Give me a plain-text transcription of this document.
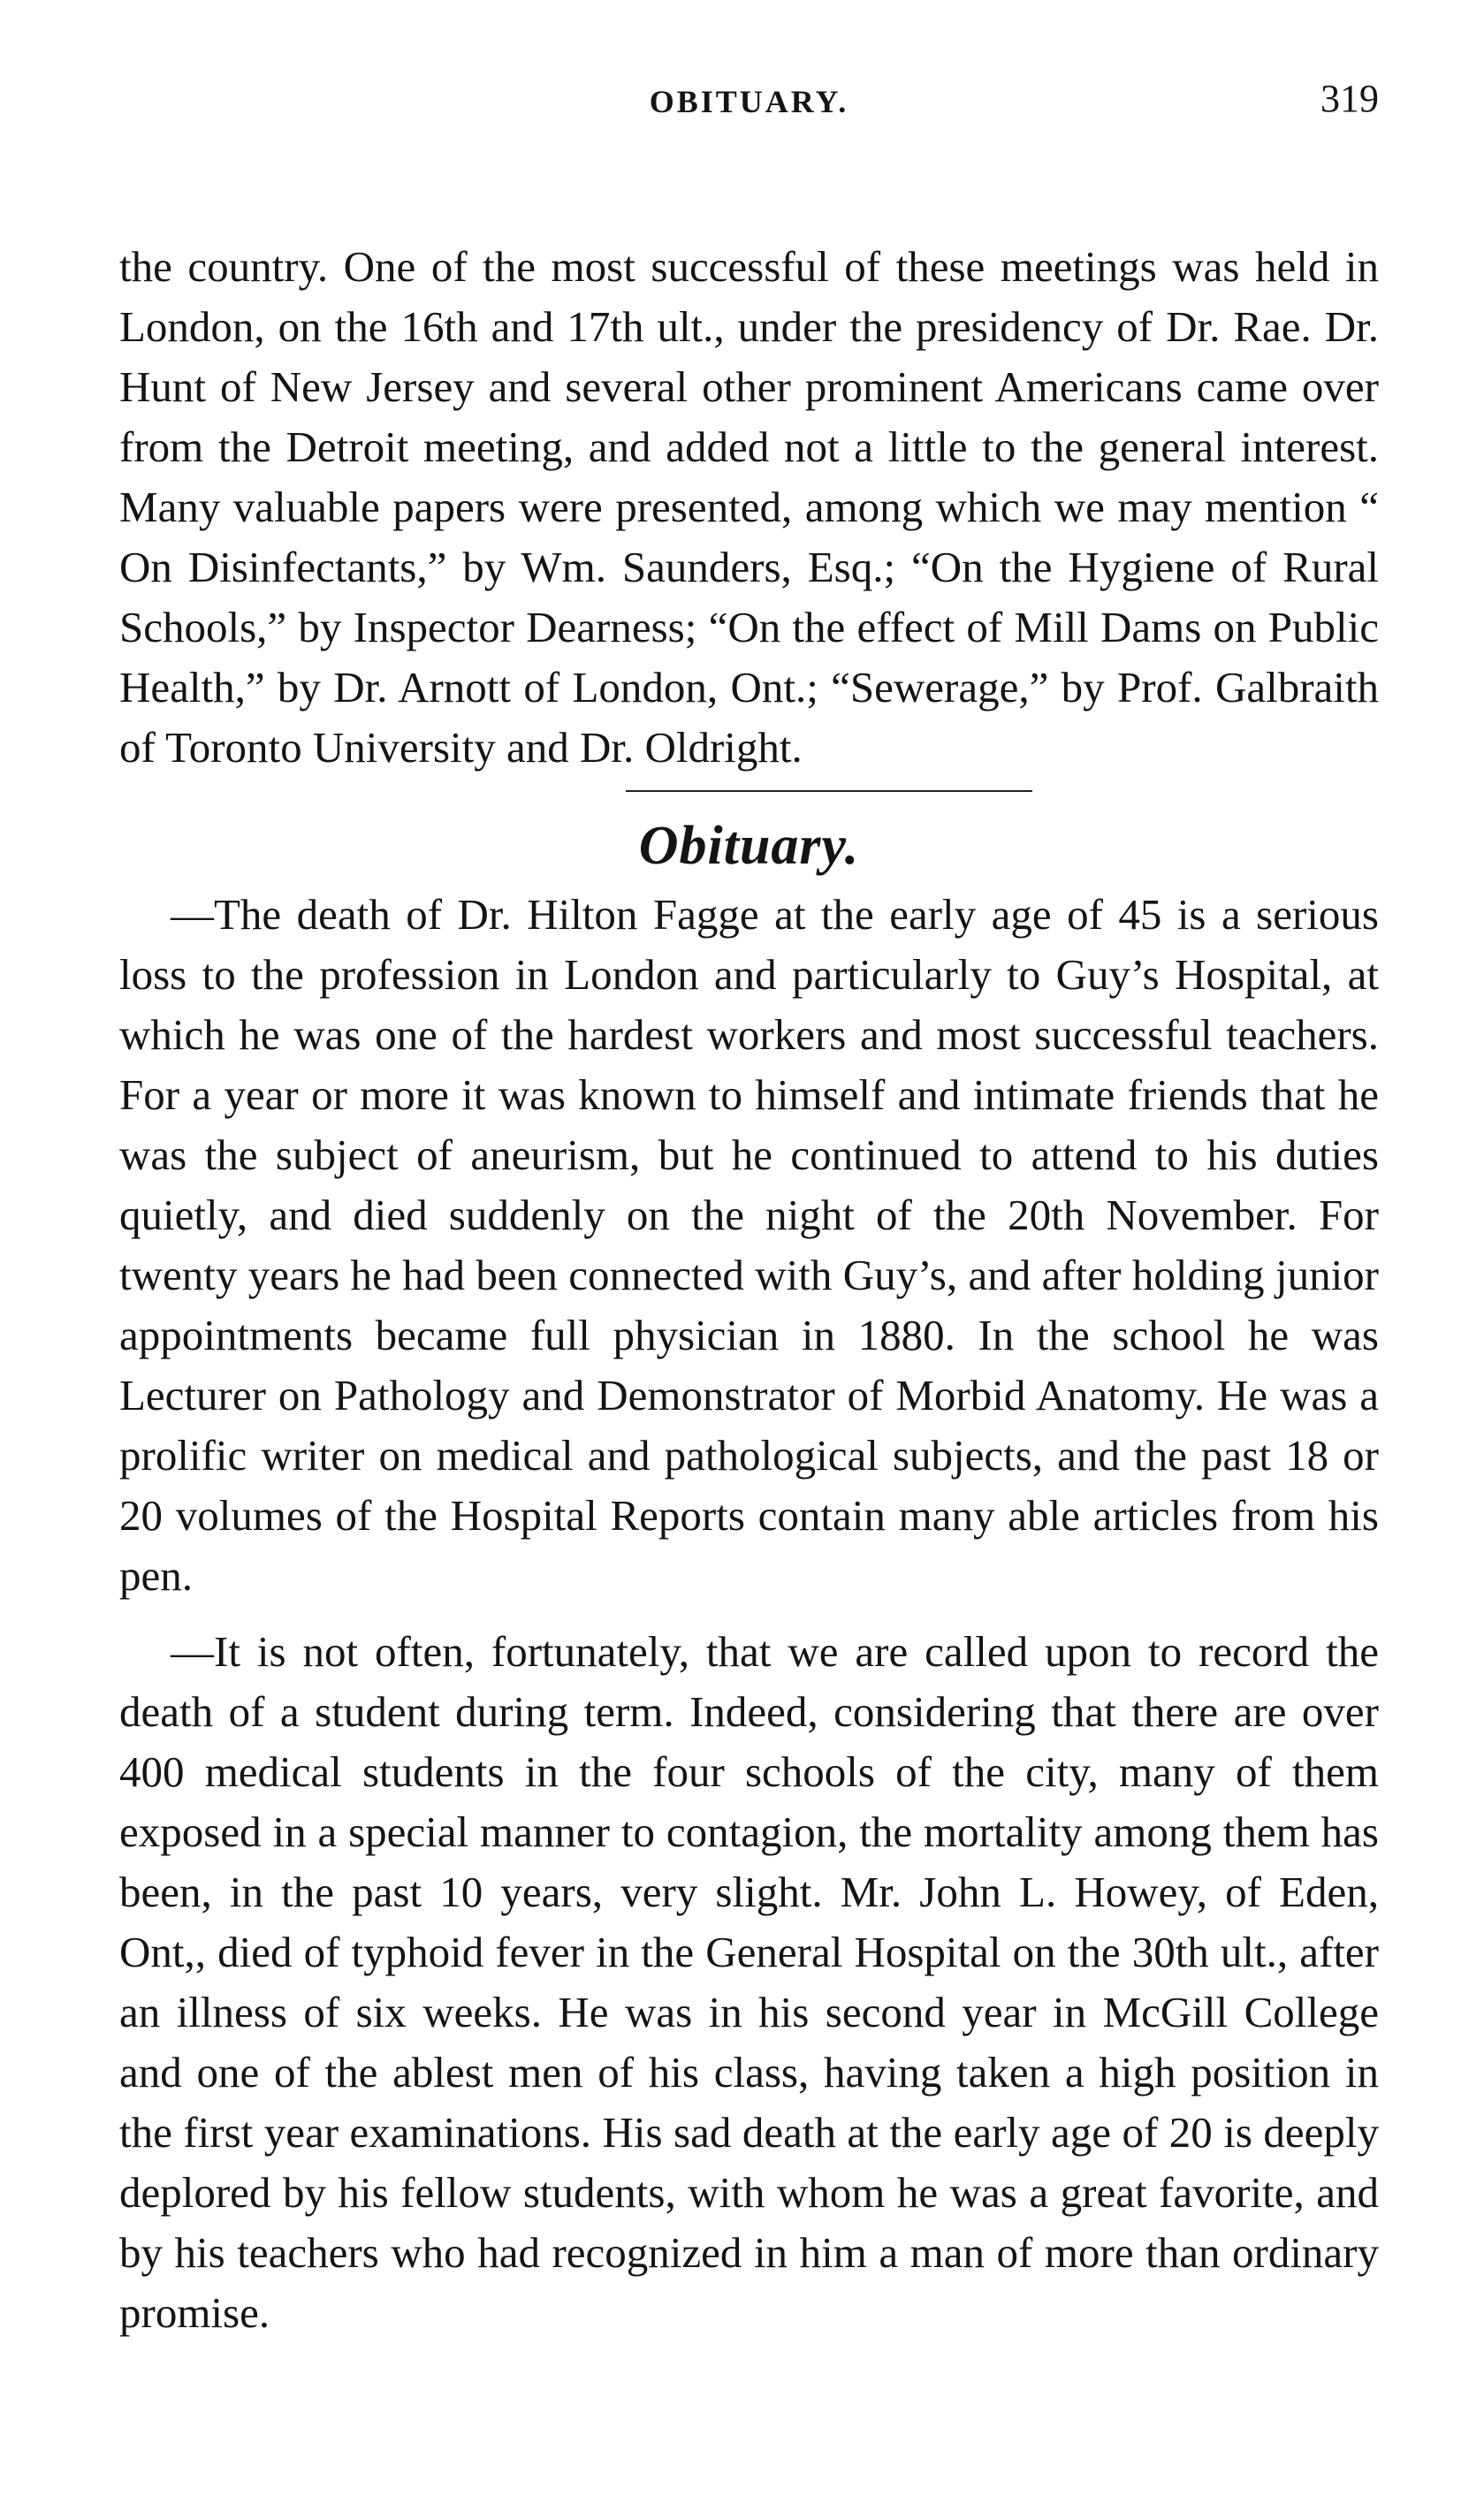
OBITUARY.	319

the country. One of the most successful of these meetings was held in London, on the 16th and 17th ult., under the presidency of Dr. Rae. Dr. Hunt of New Jersey and several other prominent Americans came over from the Detroit meeting, and added not a little to the general interest. Many valuable papers were presented, among which we may mention “ On Disinfectants,” by Wm. Saunders, Esq.; “On the Hygiene of Rural Schools,” by Inspector Dearness; “On the effect of Mill Dams on Public Health,” by Dr. Arnott of London, Ont.; “Sewerage,” by Prof. Galbraith of Toronto University and Dr. Oldright.

Obituary.

—The death of Dr. Hilton Fagge at the early age of 45 is a serious loss to the profession in London and particularly to Guy’s Hospital, at which he was one of the hardest workers and most successful teachers. For a year or more it was known to himself and intimate friends that he was the subject of aneurism, but he continued to attend to his duties quietly, and died suddenly on the night of the 20th November. For twenty years he had been connected with Guy’s, and after holding junior appointments became full physician in 1880. In the school he was Lecturer on Pathology and Demonstrator of Morbid Anatomy. He was a prolific writer on medical and pathological subjects, and the past 18 or 20 volumes of the Hospital Reports contain many able articles from his pen.

—It is not often, fortunately, that we are called upon to record the death of a student during term. Indeed, considering that there are over 400 medical students in the four schools of the city, many of them exposed in a special manner to contagion, the mortality among them has been, in the past 10 years, very slight. Mr. John L. Howey, of Eden, Ont,, died of typhoid fever in the General Hospital on the 30th ult., after an illness of six weeks. He was in his second year in McGill College and one of the ablest men of his class, having taken a high position in the first year examinations. His sad death at the early age of 20 is deeply deplored by his fellow students, with whom he was a great favorite, and by his teachers who had recognized in him a man of more than ordinary promise.
